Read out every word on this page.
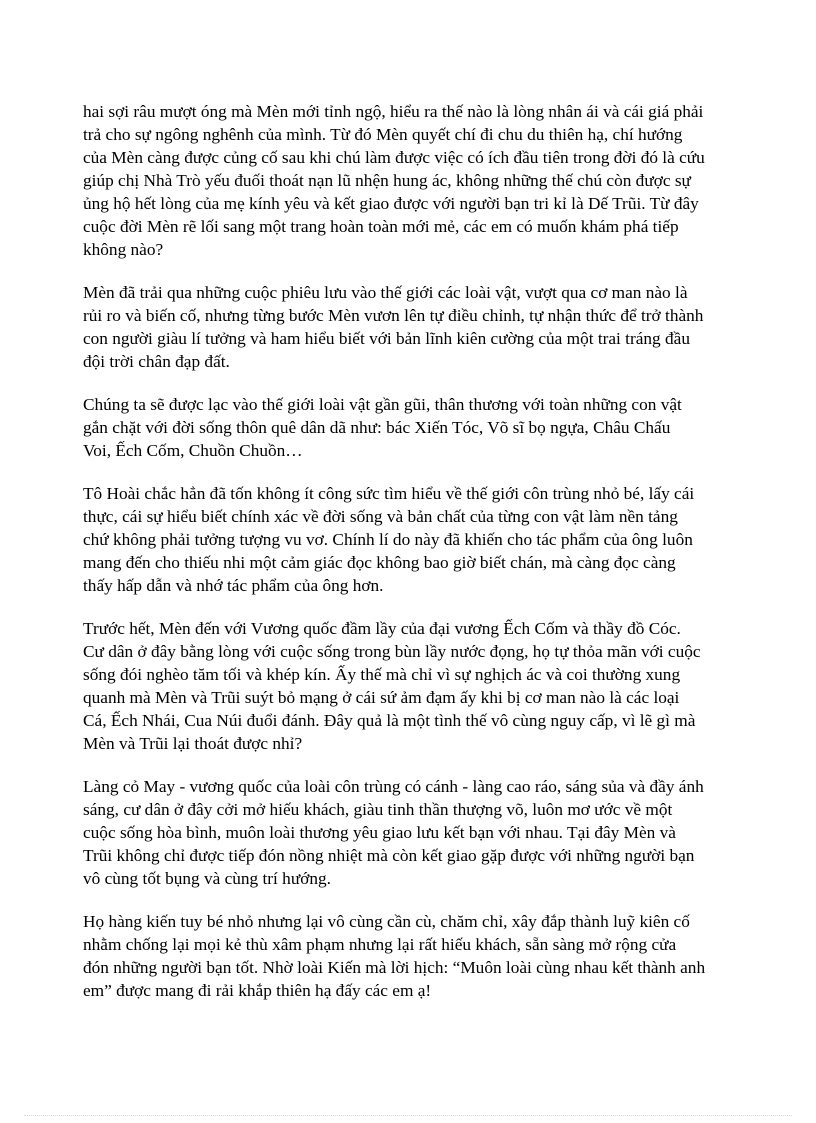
hai sợi râu mượt óng mà Mèn mới tỉnh ngộ, hiểu ra thế nào là lòng nhân ái và cái giá phải
trả cho sự ngông nghênh của mình. Từ đó Mèn quyết chí đi chu du thiên hạ, chí hướng
của Mèn càng được củng cố sau khi chú làm được việc có ích đầu tiên trong đời đó là cứu
giúp chị Nhà Trò yếu đuối thoát nạn lũ nhện hung ác, không những thế chú còn được sự
ủng hộ hết lòng của mẹ kính yêu và kết giao được với người bạn tri kỉ là Dế Trũi. Từ đây
cuộc đời Mèn rẽ lối sang một trang hoàn toàn mới mẻ, các em có muốn khám phá tiếp
không nào?

Mèn đã trải qua những cuộc phiêu lưu vào thế giới các loài vật, vượt qua cơ man nào là
rủi ro và biến cố, nhưng từng bước Mèn vươn lên tự điều chỉnh, tự nhận thức để trở thành
con người giàu lí tưởng và ham hiểu biết với bản lĩnh kiên cường của một trai tráng đầu
đội trời chân đạp đất.

Chúng ta sẽ được lạc vào thế giới loài vật gần gũi, thân thương với toàn những con vật
gắn chặt với đời sống thôn quê dân dã như: bác Xiến Tóc, Võ sĩ bọ ngựa, Châu Chấu
Voi, Ếch Cốm, Chuồn Chuồn…

Tô Hoài chắc hẳn đã tốn không ít công sức tìm hiểu về thế giới côn trùng nhỏ bé, lấy cái
thực, cái sự hiểu biết chính xác về đời sống và bản chất của từng con vật làm nền tảng
chứ không phải tưởng tượng vu vơ. Chính lí do này đã khiến cho tác phẩm của ông luôn
mang đến cho thiếu nhi một cảm giác đọc không bao giờ biết chán, mà càng đọc càng
thấy hấp dẫn và nhớ tác phẩm của ông hơn.

Trước hết, Mèn đến với Vương quốc đầm lầy của đại vương Ếch Cốm và thầy đồ Cóc.
Cư dân ở đây bằng lòng với cuộc sống trong bùn lầy nước đọng, họ tự thỏa mãn với cuộc
sống đói nghèo tăm tối và khép kín. Ấy thế mà chỉ vì sự nghịch ác và coi thường xung
quanh mà Mèn và Trũi suýt bỏ mạng ở cái sứ ảm đạm ấy khi bị cơ man nào là các loại
Cá, Ếch Nhái, Cua Núi đuổi đánh. Đây quả là một tình thế vô cùng nguy cấp, vì lẽ gì mà
Mèn và Trũi lại thoát được nhỉ?

Làng cỏ May - vương quốc của loài côn trùng có cánh - làng cao ráo, sáng sủa và đầy ánh
sáng, cư dân ở đây cởi mở hiếu khách, giàu tinh thần thượng võ, luôn mơ ước về một
cuộc sống hòa bình, muôn loài thương yêu giao lưu kết bạn với nhau. Tại đây Mèn và
Trũi không chỉ được tiếp đón nồng nhiệt mà còn kết giao gặp được với những người bạn
vô cùng tốt bụng và cùng trí hướng.

Họ hàng kiến tuy bé nhỏ nhưng lại vô cùng cần cù, chăm chỉ, xây đắp thành luỹ kiên cố
nhằm chống lại mọi kẻ thù xâm phạm nhưng lại rất hiếu khách, sẵn sàng mở rộng cửa
đón những người bạn tốt. Nhờ loài Kiến mà lời hịch: “Muôn loài cùng nhau kết thành anh
em” được mang đi rải khắp thiên hạ đấy các em ạ!
